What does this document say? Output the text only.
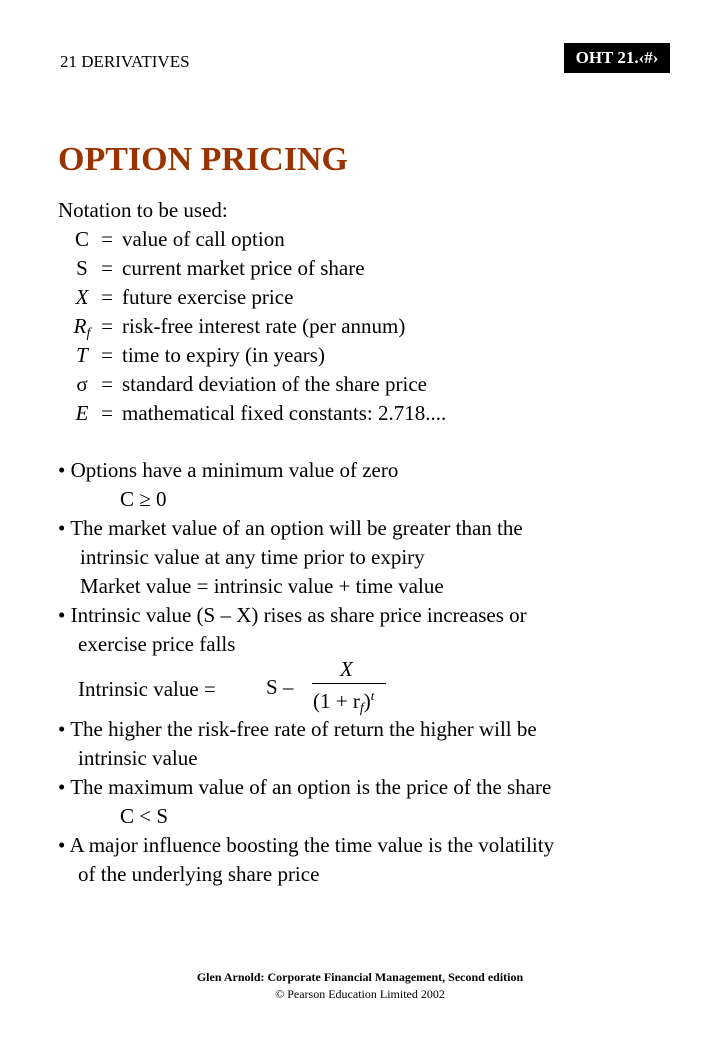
21 DERIVATIVES	OHT 21.‹#›
OPTION PRICING
Notation to be used:
C = value of call option
S = current market price of share
X = future exercise price
$R_f$ = risk-free interest rate (per annum)
T = time to expiry (in years)
σ = standard deviation of the share price
E = mathematical fixed constants: 2.718....
• Options have a minimum value of zero
C ≥ 0
• The market value of an option will be greater than the
intrinsic value at any time prior to expiry
Market value = intrinsic value + time value
• Intrinsic value (S – X) rises as share price increases or
exercise price falls
Intrinsic value = S –
X
$(1 + r_f)^t$
• The higher the risk-free rate of return the higher will be
intrinsic value
• The maximum value of an option is the price of the share
C < S
• A major influence boosting the time value is the volatility
of the underlying share price
Glen Arnold: Corporate Financial Management, Second edition
© Pearson Education Limited 2002
